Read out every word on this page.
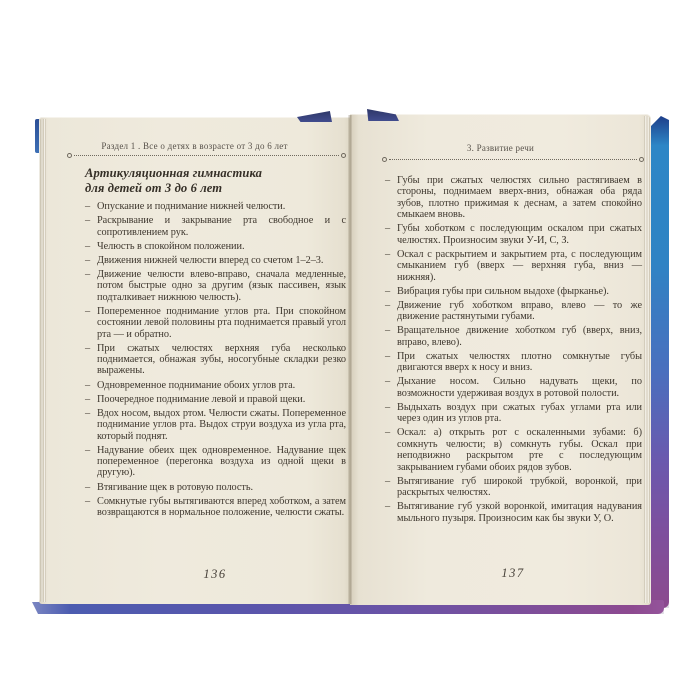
Раздел 1 . Все о детях в возрасте от 3 до 6 лет
Артикуляционная гимнастика
для детей от 3 до 6 лет
– Опускание и поднимание нижней челюсти.
– Раскрывание и закрывание рта свободное и с сопротивлением рук.
– Челюсть в спокойном положении.
– Движения нижней челюсти вперед со счетом 1–2–3.
– Движение челюсти влево-вправо, сначала медленные, потом быстрые одно за другим (язык пассивен, язык подталкивает нижнюю челюсть).
– Попеременное поднимание углов рта. При спокойном состоянии левой половины рта поднимается правый угол рта — и обратно.
– При сжатых челюстях верхняя губа несколько поднимается, обнажая зубы, носогубные складки резко выражены.
– Одновременное поднимание обоих углов рта.
– Поочередное поднимание левой и правой щеки.
– Вдох носом, выдох ртом. Челюсти сжаты. Попеременное поднимание углов рта. Выдох струи воздуха из угла рта, который поднят.
– Надувание обеих щек одновременное. Надувание щек попеременное (перегонка воздуха из одной щеки в другую).
– Втягивание щек в ротовую полость.
– Сомкнутые губы вытягиваются вперед хоботком, а затем возвращаются в нормальное положение, челюсти сжаты.
136
3. Развитие речи
– Губы при сжатых челюстях сильно растягиваем в стороны, поднимаем вверх-вниз, обнажая оба ряда зубов, плотно прижимая к деснам, а затем спокойно смыкаем вновь.
– Губы хоботком с последующим оскалом при сжатых челюстях. Произносим звуки У-И, С, З.
– Оскал с раскрытием и закрытием рта, с последующим смыканием губ (вверх — верхняя губа, вниз — нижняя).
– Вибрация губы при сильном выдохе (фырканье).
– Движение губ хоботком вправо, влево — то же движение растянутыми губами.
– Вращательное движение хоботком губ (вверх, вниз, вправо, влево).
– При сжатых челюстях плотно сомкнутые губы двигаются вверх к носу и вниз.
– Дыхание носом. Сильно надувать щеки, по возможности удерживая воздух в ротовой полости.
– Выдыхать воздух при сжатых губах углами рта или через один из углов рта.
– Оскал: а) открыть рот с оскаленными зубами: б) сомкнуть челюсти; в) сомкнуть губы. Оскал при неподвижно раскрытом рте с последующим закрыванием губами обоих рядов зубов.
– Вытягивание губ широкой трубкой, воронкой, при раскрытых челюстях.
– Вытягивание губ узкой воронкой, имитация надувания мыльного пузыря. Произносим как бы звуки У, О.
137
